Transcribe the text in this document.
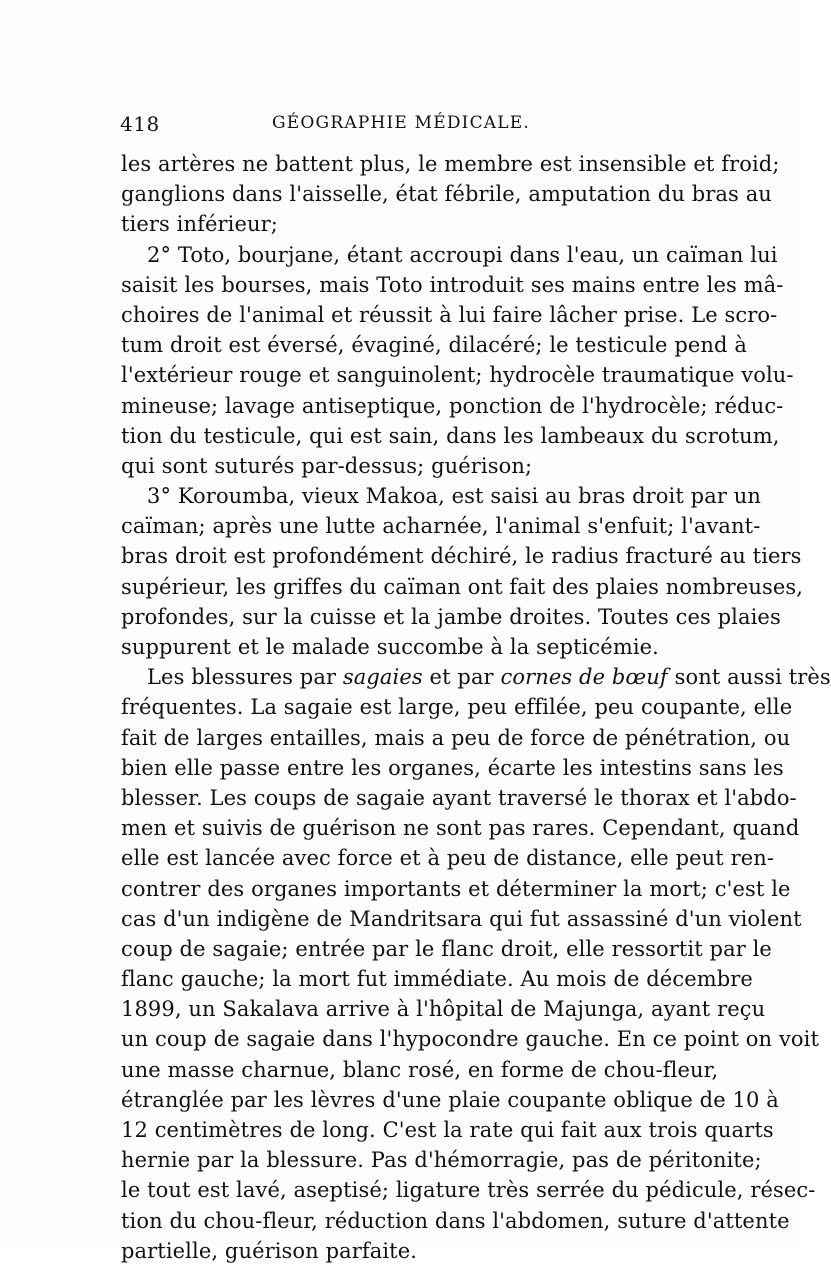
418	GÉOGRAPHIE MÉDICALE.
les artères ne battent plus, le membre est insensible et froid;
ganglions dans l'aisselle, état fébrile, amputation du bras au
tiers inférieur;
2° Toto, bourjane, étant accroupi dans l'eau, un caïman lui
saisit les bourses, mais Toto introduit ses mains entre les mâ-
choires de l'animal et réussit à lui faire lâcher prise. Le scro-
tum droit est éversé, évaginé, dilacéré; le testicule pend à
l'extérieur rouge et sanguinolent; hydrocèle traumatique volu-
mineuse; lavage antiseptique, ponction de l'hydrocèle; réduc-
tion du testicule, qui est sain, dans les lambeaux du scrotum,
qui sont suturés par-dessus; guérison;
3° Koroumba, vieux Makoa, est saisi au bras droit par un
caïman; après une lutte acharnée, l'animal s'enfuit; l'avant-
bras droit est profondément déchiré, le radius fracturé au tiers
supérieur, les griffes du caïman ont fait des plaies nombreuses,
profondes, sur la cuisse et la jambe droites. Toutes ces plaies
suppurent et le malade succombe à la septicémie.
Les blessures par sagaies et par cornes de bœuf sont aussi très
fréquentes. La sagaie est large, peu effilée, peu coupante, elle
fait de larges entailles, mais a peu de force de pénétration, ou
bien elle passe entre les organes, écarte les intestins sans les
blesser. Les coups de sagaie ayant traversé le thorax et l'abdo-
men et suivis de guérison ne sont pas rares. Cependant, quand
elle est lancée avec force et à peu de distance, elle peut ren-
contrer des organes importants et déterminer la mort; c'est le
cas d'un indigène de Mandritsara qui fut assassiné d'un violent
coup de sagaie; entrée par le flanc droit, elle ressortit par le
flanc gauche; la mort fut immédiate. Au mois de décembre
1899, un Sakalava arrive à l'hôpital de Majunga, ayant reçu
un coup de sagaie dans l'hypocondre gauche. En ce point on voit
une masse charnue, blanc rosé, en forme de chou-fleur,
étranglée par les lèvres d'une plaie coupante oblique de 10 à
12 centimètres de long. C'est la rate qui fait aux trois quarts
hernie par la blessure. Pas d'hémorragie, pas de péritonite;
le tout est lavé, aseptisé; ligature très serrée du pédicule, résec-
tion du chou-fleur, réduction dans l'abdomen, suture d'attente
partielle, guérison parfaite.
